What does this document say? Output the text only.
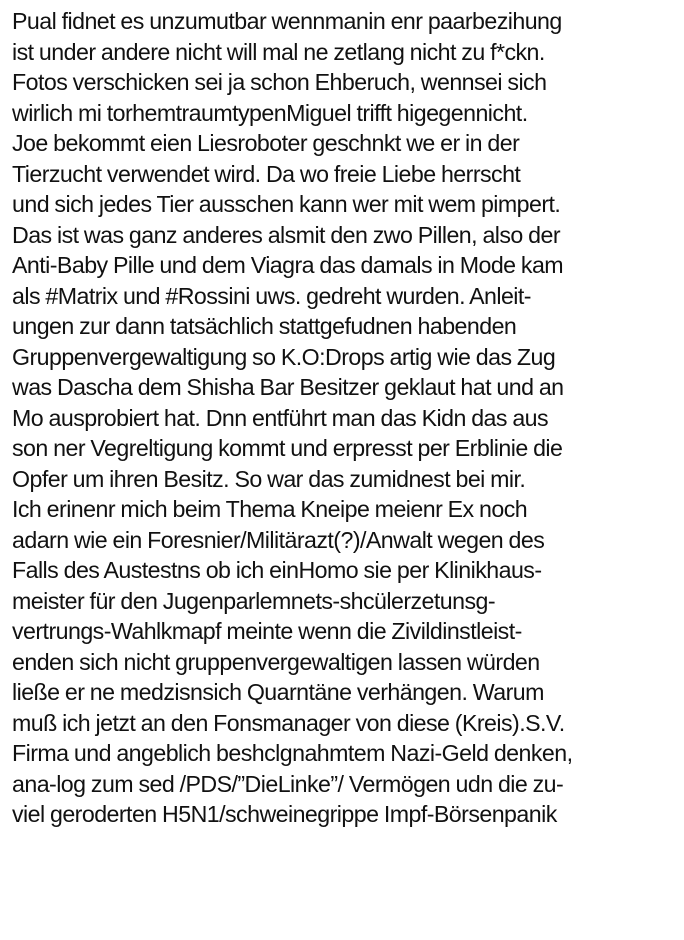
Pual fidnet es unzumutbar wennmanin enr paarbezihung
ist under andere nicht will mal ne zetlang nicht zu f*ckn.
Fotos verschicken sei ja schon Ehberuch, wennsei sich
wirlich mi torhemtraumtypenMiguel trifft higegennicht.
Joe bekommt eien Liesroboter geschnkt we er in der
Tierzucht verwendet wird. Da wo freie Liebe herrscht
und sich jedes Tier ausschen kann wer mit wem pimpert.
Das ist was ganz anderes alsmit den zwo Pillen, also der
Anti-Baby Pille und dem Viagra das damals in Mode kam
als #Matrix und #Rossini uws. gedreht wurden. Anleit-
ungen zur dann tatsächlich stattgefudnen habenden
Gruppenvergewaltigung so K.O:Drops artig wie das Zug
was Dascha dem Shisha Bar Besitzer geklaut hat und an
Mo ausprobiert hat. Dnn entführt man das Kidn das aus
son ner Vegreltigung kommt und erpresst per Erblinie die
Opfer um ihren Besitz. So war das zumidnest bei mir.
Ich erinenr mich beim Thema Kneipe meienr Ex noch
adarn wie ein Foresnier/Militärazt(?)/Anwalt wegen des
Falls des Austestns ob ich einHomo sie per Klinikhaus-
meister für den Jugenparlemnets-shcülerzetunsg-
vertrungs-Wahlkmapf meinte wenn die Zivildinstleist-
enden sich nicht gruppenvergewaltigen lassen würden
ließe er ne medzisnsich Quarntäne verhängen. Warum
muß ich jetzt an den Fonsmanager von diese (Kreis).S.V.
Firma und angeblich beshclgnahmtem Nazi-Geld denken,
ana-log zum sed /PDS/”DieLinke”/ Vermögen udn die zu-
viel geroderten H5N1/schweinegrippe Impf-Börsenpanik
